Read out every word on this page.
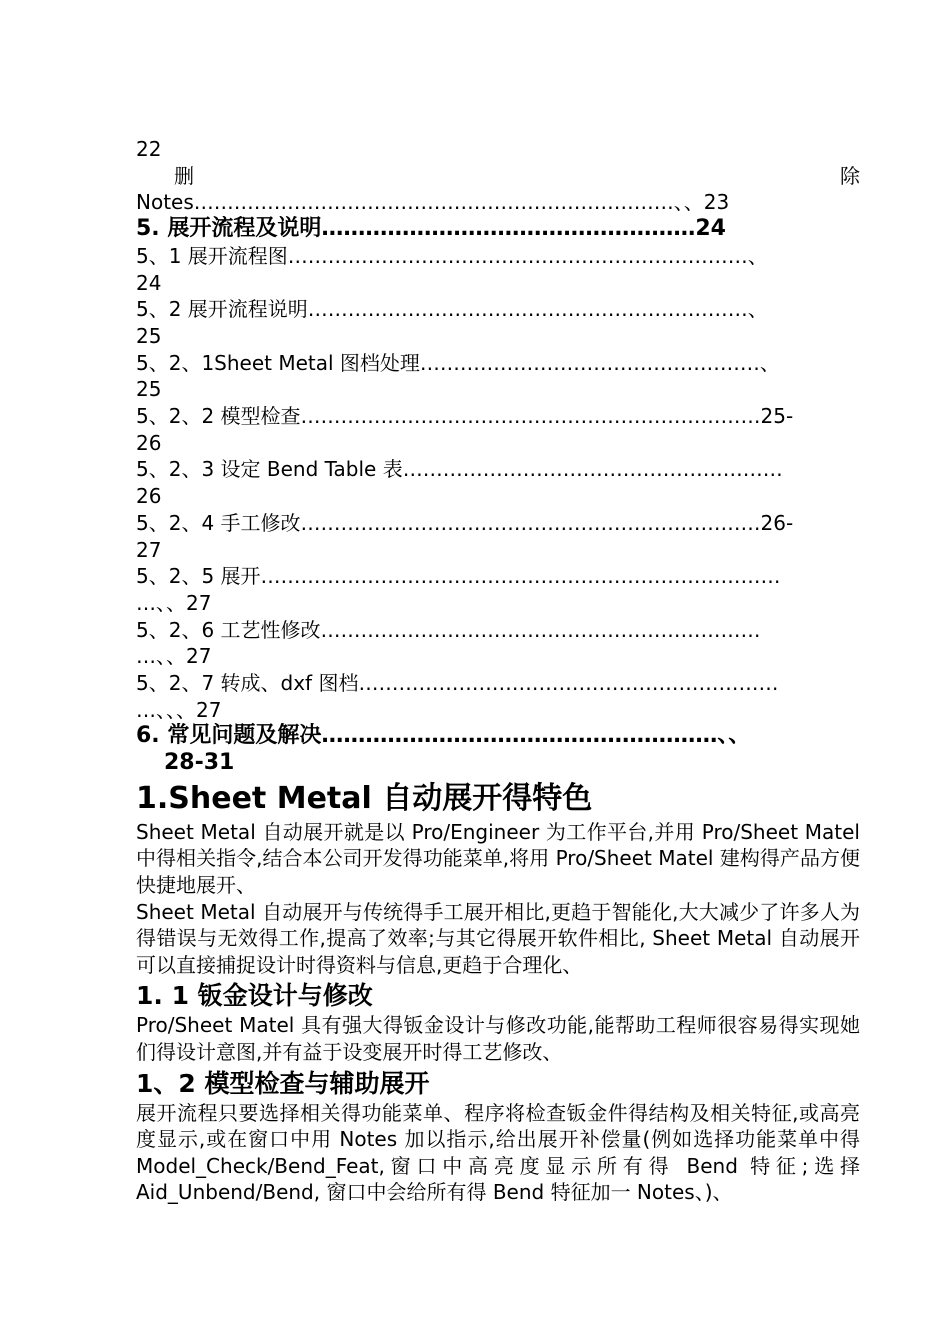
22
删	除
Notes………………………………………………………………、、23
5. 展开流程及说明……………………………………………24
5、1 展开流程图……………………………………………………………、
24
5、2 展开流程说明…………………………………………………………、
25
5、2、1Sheet Metal 图档处理……………………………………………、
25
5、2、2 模型检查……………………………………………………………25-
26
5、2、3 设定 Bend Table 表…………………………………………………
26
5、2、4 手工修改……………………………………………………………26-
27
5、2、5 展开……………………………………………………………………
…、、27
5、2、6 工艺性修改…………………………………………………………
…、、27
5、2、7 转成、dxf 图档………………………………………………………
…、、、27
6. 常见问题及解决………………………………………………、、
28-31
1.Sheet Metal 自动展开得特色
Sheet Metal 自动展开就是以 Pro/Engineer 为工作平台,并用 Pro/Sheet Matel 中得相关指令,结合本公司开发得功能菜单,将用 Pro/Sheet Matel 建构得产品方便快捷地展开、
Sheet Metal 自动展开与传统得手工展开相比,更趋于智能化,大大减少了许多人为得错误与无效得工作,提高了效率;与其它得展开软件相比, Sheet Metal 自动展开可以直接捕捉设计时得资料与信息,更趋于合理化、
1. 1 钣金设计与修改
Pro/Sheet Matel 具有强大得钣金设计与修改功能,能帮助工程师很容易得实现她们得设计意图,并有益于设变展开时得工艺修改、
1、2 模型检查与辅助展开
展开流程只要选择相关得功能菜单、程序将检查钣金件得结构及相关特征,或高亮度显示,或在窗口中用 Notes 加以指示,给出展开补偿量(例如选择功能菜单中得 Model_Check/Bend_Feat,窗口中高亮度显示所有得 Bend 特征;选择 Aid_Unbend/Bend, 窗口中会给所有得 Bend 特征加一 Notes、)、
